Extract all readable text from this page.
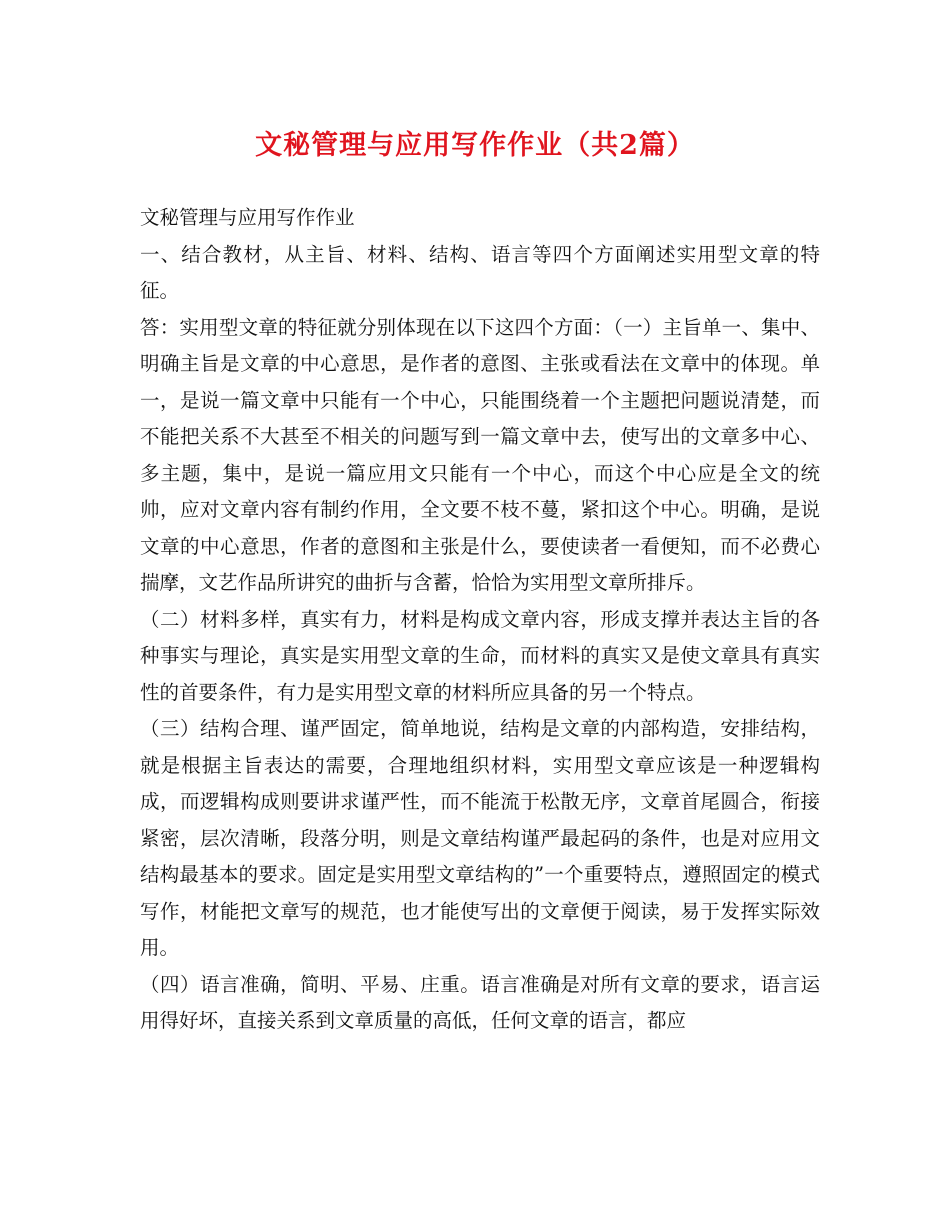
文秘管理与应用写作作业（共2篇）

文秘管理与应用写作作业

一、结合教材，从主旨、材料、结构、语言等四个方面阐述实用型文章的特征。

答：实用型文章的特征就分别体现在以下这四个方面：（一）主旨单一、集中、明确主旨是文章的中心意思，是作者的意图、主张或看法在文章中的体现。单一，是说一篇文章中只能有一个中心，只能围绕着一个主题把问题说清楚，而不能把关系不大甚至不相关的问题写到一篇文章中去，使写出的文章多中心、多主题，集中，是说一篇应用文只能有一个中心，而这个中心应是全文的统帅，应对文章内容有制约作用，全文要不枝不蔓，紧扣这个中心。明确，是说文章的中心意思，作者的意图和主张是什么，要使读者一看便知，而不必费心揣摩，文艺作品所讲究的曲折与含蓄，恰恰为实用型文章所排斥。

（二）材料多样，真实有力，材料是构成文章内容，形成支撑并表达主旨的各种事实与理论，真实是实用型文章的生命，而材料的真实又是使文章具有真实性的首要条件，有力是实用型文章的材料所应具备的另一个特点。

（三）结构合理、谨严固定，简单地说，结构是文章的内部构造，安排结构，就是根据主旨表达的需要，合理地组织材料，实用型文章应该是一种逻辑构成，而逻辑构成则要讲求谨严性，而不能流于松散无序，文章首尾圆合，衔接紧密，层次清晰，段落分明，则是文章结构谨严最起码的条件，也是对应用文结构最基本的要求。固定是实用型文章结构的”一个重要特点，遵照固定的模式写作，材能把文章写的规范，也才能使写出的文章便于阅读，易于发挥实际效用。

（四）语言准确，简明、平易、庄重。语言准确是对所有文章的要求，语言运用得好坏，直接关系到文章质量的高低，任何文章的语言，都应
